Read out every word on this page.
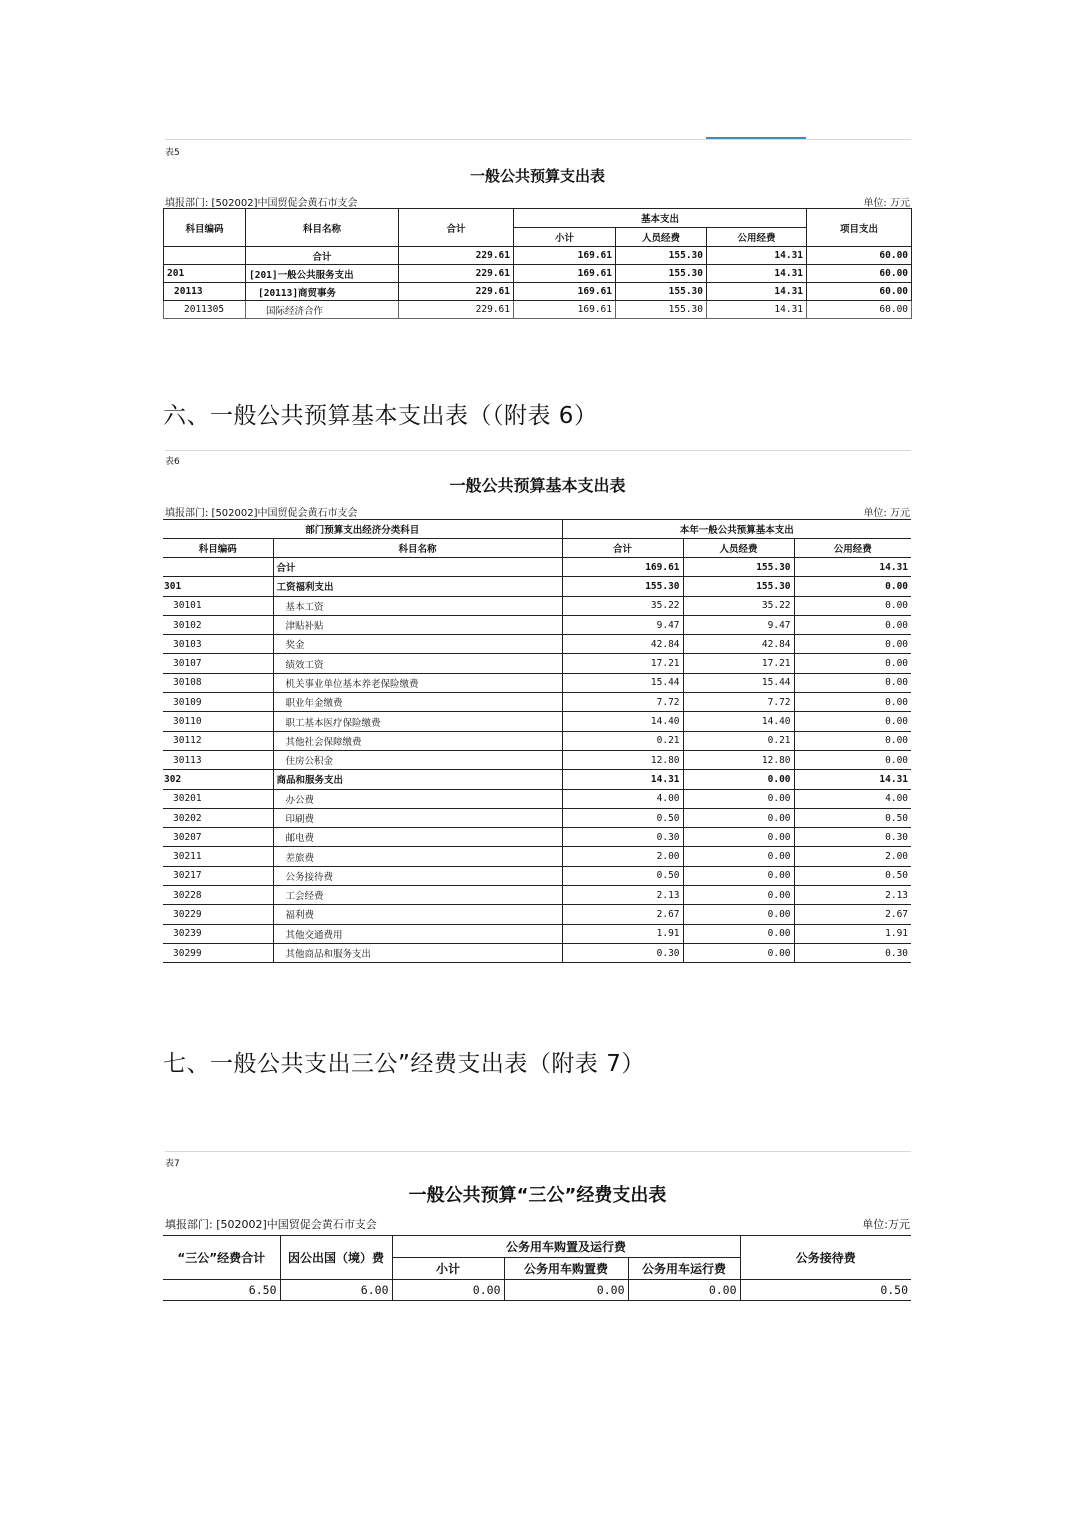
表5
一般公共预算支出表
填报部门: [502002]中国贸促会黄石市支会	单位: 万元
科目编码	科目名称	合计	基本支出			项目支出
			小计	人员经费	公用经费	
	合计	229.61	169.61	155.30	14.31	60.00
201	[201]一般公共服务支出	229.61	169.61	155.30	14.31	60.00
20113	[20113]商贸事务	229.61	169.61	155.30	14.31	60.00
2011305	国际经济合作	229.61	169.61	155.30	14.31	60.00
六、一般公共预算基本支出表（（附表 6）
表6
一般公共预算基本支出表
填报部门: [502002]中国贸促会黄石市支会	单位: 万元
部门预算支出经济分类科目		本年一般公共预算基本支出		
科目编码	科目名称	合计	人员经费	公用经费
	合计	169.61	155.30	14.31
301	工资福利支出	155.30	155.30	0.00
30101	基本工资	35.22	35.22	0.00
30102	津贴补贴	9.47	9.47	0.00
30103	奖金	42.84	42.84	0.00
30107	绩效工资	17.21	17.21	0.00
30108	机关事业单位基本养老保险缴费	15.44	15.44	0.00
30109	职业年金缴费	7.72	7.72	0.00
30110	职工基本医疗保险缴费	14.40	14.40	0.00
30112	其他社会保障缴费	0.21	0.21	0.00
30113	住房公积金	12.80	12.80	0.00
302	商品和服务支出	14.31	0.00	14.31
30201	办公费	4.00	0.00	4.00
30202	印刷费	0.50	0.00	0.50
30207	邮电费	0.30	0.00	0.30
30211	差旅费	2.00	0.00	2.00
30217	公务接待费	0.50	0.00	0.50
30228	工会经费	2.13	0.00	2.13
30229	福利费	2.67	0.00	2.67
30239	其他交通费用	1.91	0.00	1.91
30299	其他商品和服务支出	0.30	0.00	0.30
七、一般公共支出三公”经费支出表（附表 7）
表7
一般公共预算“三公”经费支出表
填报部门: [502002]中国贸促会黄石市支会	单位:万元
“三公”经费合计	因公出国（境）费	公务用车购置及运行费			公务接待费
		小计	公务用车购置费	公务用车运行费	
6.50	6.00	0.00	0.00	0.00	0.50
